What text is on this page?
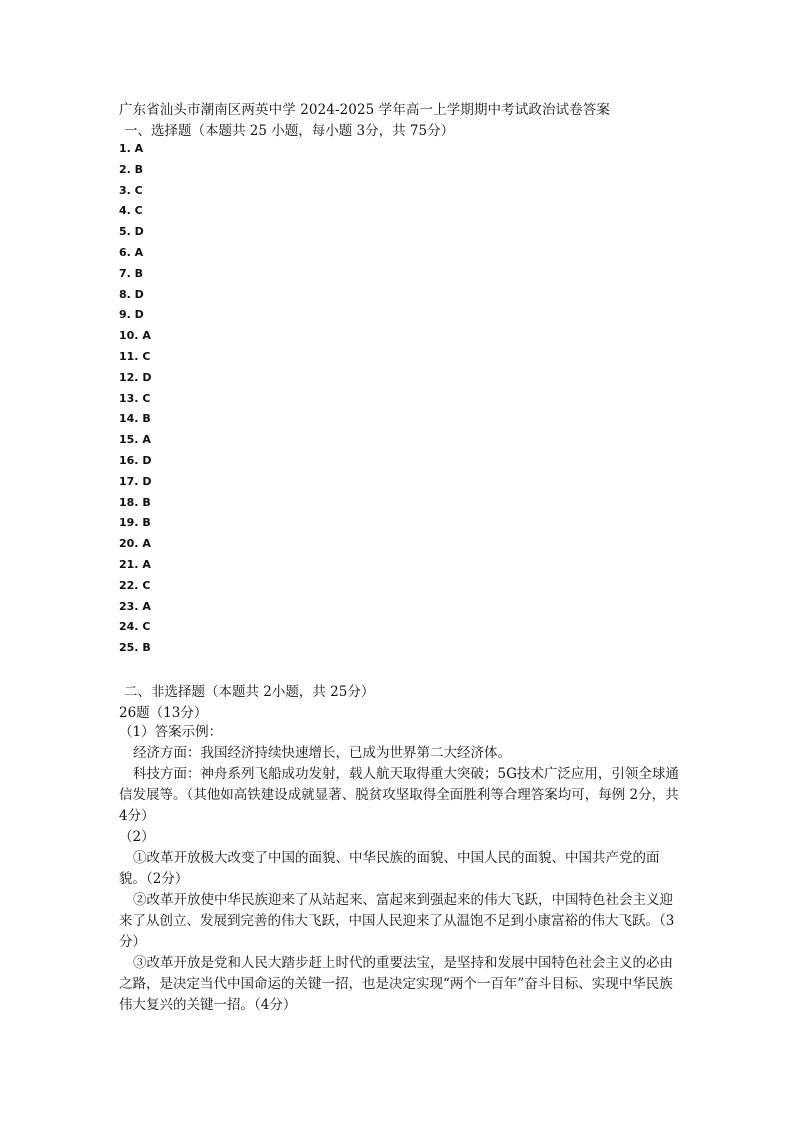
广东省汕头市潮南区两英中学 2024-2025 学年高一上学期期中考试政治试卷答案
一、选择题（本题共 25 小题，每小题 3分，共 75分）
1. A
2. B
3. C
4. C
5. D
6. A
7. B
8. D
9. D
10. A
11. C
12. D
13. C
14. B
15. A
16. D
17. D
18. B
19. B
20. A
21. A
22. C
23. A
24. C
25. B
二、非选择题（本题共 2小题，共 25分）
26题（13分）

（1）答案示例：

经济方面：我国经济持续快速增长，已成为世界第二大经济体。

科技方面：神舟系列飞船成功发射，载人航天取得重大突破；5G技术广泛应用，引领全球通信发展等。（其他如高铁建设成就显著、脱贫攻坚取得全面胜利等合理答案均可，每例 2分，共 4分）

（2）

①改革开放极大改变了中国的面貌、中华民族的面貌、中国人民的面貌、中国共产党的面貌。（2分）

②改革开放使中华民族迎来了从站起来、富起来到强起来的伟大飞跃，中国特色社会主义迎来了从创立、发展到完善的伟大飞跃，中国人民迎来了从温饱不足到小康富裕的伟大飞跃。（3分）

③改革开放是党和人民大踏步赶上时代的重要法宝，是坚持和发展中国特色社会主义的必由之路，是决定当代中国命运的关键一招，也是决定实现“两个一百年”奋斗目标、实现中华民族伟大复兴的关键一招。（4分）
